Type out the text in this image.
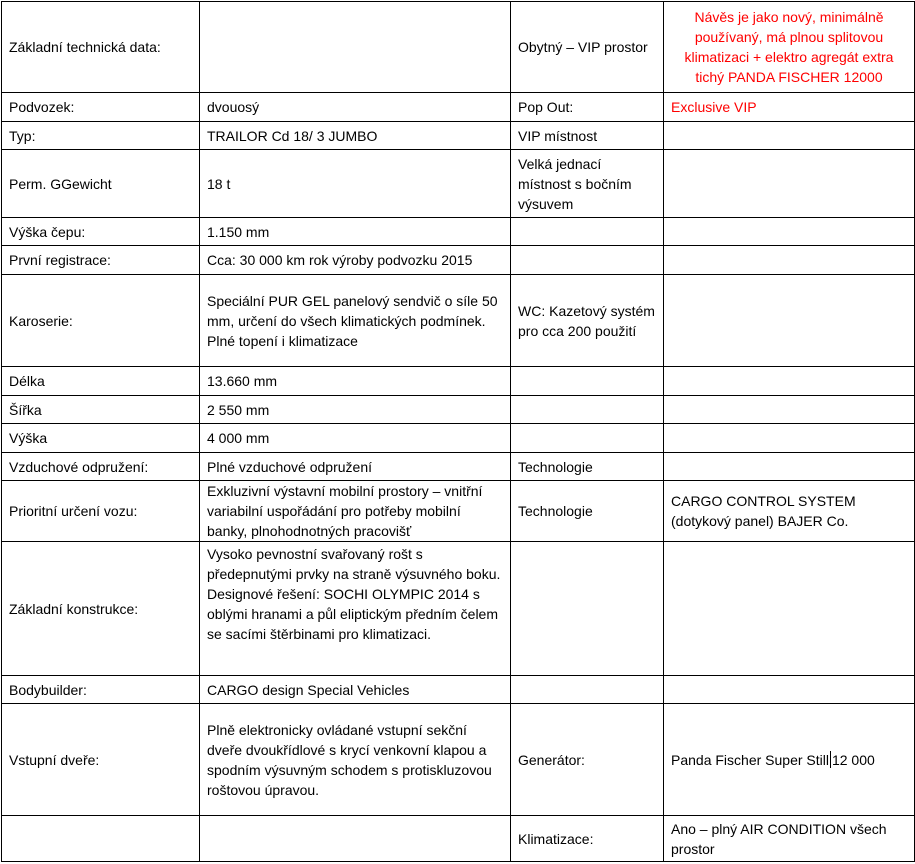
Základní technická data:		Obytný – VIP prostor	Návěs je jako nový, minimálně používaný, má plnou splitovou klimatizaci + elektro agregát extra tichý PANDA FISCHER 12000
Podvozek:	dvouosý	Pop Out:	Exclusive VIP
Typ:	TRAILOR Cd 18/ 3 JUMBO	VIP místnost	
Perm. GGewicht	18 t	Velká jednací místnost s bočním výsuvem	
Výška čepu:	1.150 mm		
První registrace:	Cca: 30 000 km rok výroby podvozku 2015		
Karoserie:	Speciální PUR GEL panelový sendvič o síle 50 mm, určení do všech klimatických podmínek. Plné topení i klimatizace	WC: Kazetový systém pro cca 200 použití	
Délka	13.660 mm		
Šířka	2 550 mm		
Výška	4 000 mm		
Vzduchové odpružení:	Plné vzduchové odpružení	Technologie	
Prioritní určení vozu:	Exkluzivní výstavní mobilní prostory – vnitřní variabilní uspořádání pro potřeby mobilní banky, plnohodnotných pracovišť	Technologie	CARGO CONTROL SYSTEM (dotykový panel) BAJER Co.
Základní konstrukce:	Vysoko pevnostní svařovaný rošt s předepnutými prvky na straně výsuvného boku. Designové řešení: SOCHI OLYMPIC 2014 s oblými hranami a půl eliptickým předním čelem se sacími štěrbinami pro klimatizaci.		
Bodybuilder:	CARGO design Special Vehicles		
Vstupní dveře:	Plně elektronicky ovládané vstupní sekční dveře dvoukřídlové s krycí venkovní klapou a spodním výsuvným schodem s protiskluzovou roštovou úpravou.	Generátor:	Panda Fischer Super Still 12 000
		Klimatizace:	Ano – plný AIR CONDITION všech prostor
